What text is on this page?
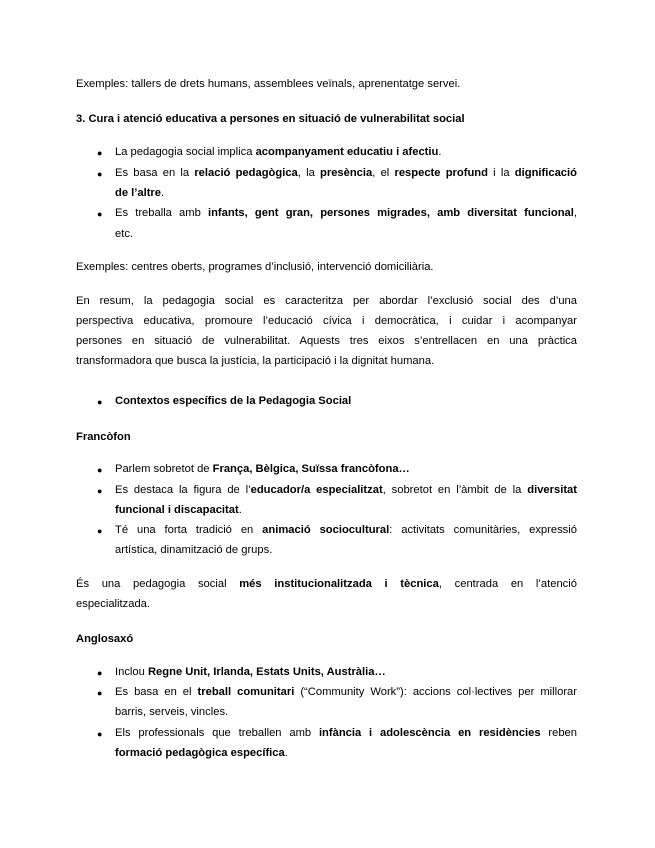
Exemples: tallers de drets humans, assemblees veïnals, aprenentatge servei.
3. Cura i atenció educativa a persones en situació de vulnerabilitat social
● La pedagogia social implica acompanyament educatiu i afectiu.
● Es basa en la relació pedagògica, la presència, el respecte profund i la dignificació
de l’altre.
● Es treballa amb infants, gent gran, persones migrades, amb diversitat funcional,
etc.
Exemples: centres oberts, programes d’inclusió, intervenció domiciliària.
En resum, la pedagogia social es caracteritza per abordar l’exclusió social des d’una
perspectiva educativa, promoure l’educació cívica i democràtica, i cuidar i acompanyar
persones en situació de vulnerabilitat. Aquests tres eixos s’entrellacen en una pràctica
transformadora que busca la justícia, la participació i la dignitat humana.
● Contextos específics de la Pedagogia Social
Francòfon
● Parlem sobretot de França, Bèlgica, Suïssa francòfona…
● Es destaca la figura de l’educador/a especialitzat, sobretot en l’àmbit de la diversitat
funcional i discapacitat.
● Té una forta tradició en animació sociocultural: activitats comunitàries, expressió
artística, dinamització de grups.
És una pedagogia social més institucionalitzada i tècnica, centrada en l’atenció
especialitzada.
Anglosaxó
● Inclou Regne Unit, Irlanda, Estats Units, Austràlia…
● Es basa en el treball comunitari (“Community Work”): accions col·lectives per millorar
barris, serveis, vincles.
● Els professionals que treballen amb infància i adolescència en residències reben
formació pedagògica específica.
